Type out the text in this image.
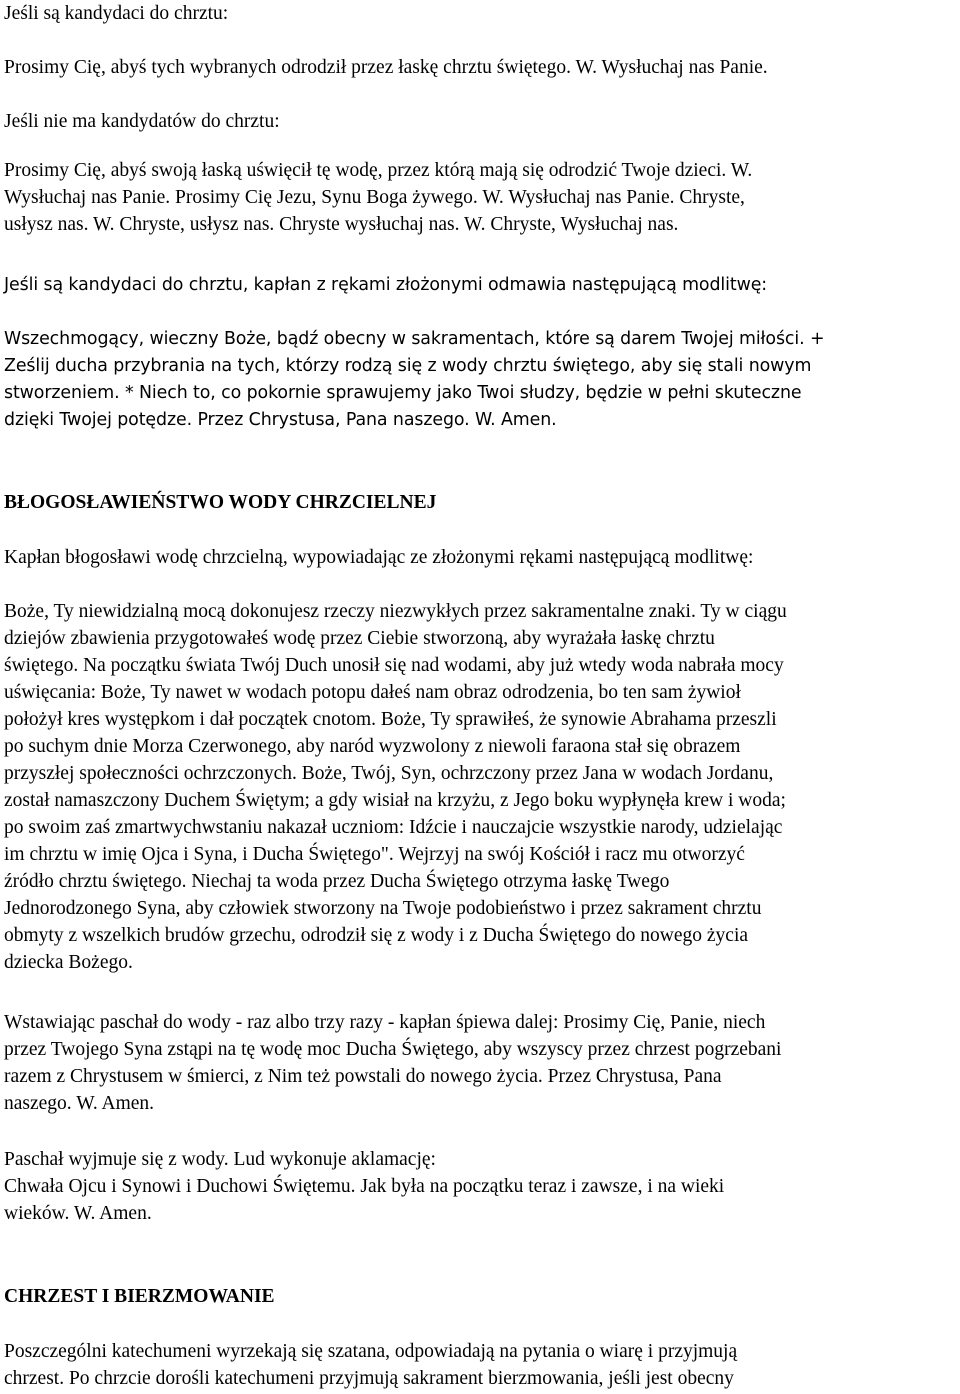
Jeśli są kandydaci do chrztu:

Prosimy Cię, abyś tych wybranych odrodził przez łaskę chrztu świętego. W. Wysłuchaj nas Panie.

Jeśli nie ma kandydatów do chrztu:

Prosimy Cię, abyś swoją łaską uświęcił tę wodę, przez którą mają się odrodzić Twoje dzieci. W.
Wysłuchaj nas Panie. Prosimy Cię Jezu, Synu Boga żywego. W. Wysłuchaj nas Panie. Chryste,
usłysz nas. W. Chryste, usłysz nas. Chryste wysłuchaj nas. W. Chryste, Wysłuchaj nas.

Jeśli są kandydaci do chrztu, kapłan z rękami złożonymi odmawia następującą modlitwę:

Wszechmogący, wieczny Boże, bądź obecny w sakramentach, które są darem Twojej miłości. +
Ześlij ducha przybrania na tych, którzy rodzą się z wody chrztu świętego, aby się stali nowym
stworzeniem. * Niech to, co pokornie sprawujemy jako Twoi słudzy, będzie w pełni skuteczne
dzięki Twojej potędze. Przez Chrystusa, Pana naszego. W. Amen.

BŁOGOSŁAWIEŃSTWO WODY CHRZCIELNEJ

Kapłan błogosławi wodę chrzcielną, wypowiadając ze złożonymi rękami następującą modlitwę:

Boże, Ty niewidzialną mocą dokonujesz rzeczy niezwykłych przez sakramentalne znaki. Ty w ciągu
dziejów zbawienia przygotowałeś wodę przez Ciebie stworzoną, aby wyrażała łaskę chrztu
świętego. Na początku świata Twój Duch unosił się nad wodami, aby już wtedy woda nabrała mocy
uświęcania: Boże, Ty nawet w wodach potopu dałeś nam obraz odrodzenia, bo ten sam żywioł
położył kres występkom i dał początek cnotom. Boże, Ty sprawiłeś, że synowie Abrahama przeszli
po suchym dnie Morza Czerwonego, aby naród wyzwolony z niewoli faraona stał się obrazem
przyszłej społeczności ochrzczonych. Boże, Twój, Syn, ochrzczony przez Jana w wodach Jordanu,
został namaszczony Duchem Świętym; a gdy wisiał na krzyżu, z Jego boku wypłynęła krew i woda;
po swoim zaś zmartwychwstaniu nakazał uczniom: Idźcie i nauczajcie wszystkie narody, udzielając
im chrztu w imię Ojca i Syna, i Ducha Świętego". Wejrzyj na swój Kościół i racz mu otworzyć
źródło chrztu świętego. Niechaj ta woda przez Ducha Świętego otrzyma łaskę Twego
Jednorodzonego Syna, aby człowiek stworzony na Twoje podobieństwo i przez sakrament chrztu
obmyty z wszelkich brudów grzechu, odrodził się z wody i z Ducha Świętego do nowego życia
dziecka Bożego.

Wstawiając paschał do wody - raz albo trzy razy - kapłan śpiewa dalej: Prosimy Cię, Panie, niech
przez Twojego Syna zstąpi na tę wodę moc Ducha Świętego, aby wszyscy przez chrzest pogrzebani
razem z Chrystusem w śmierci, z Nim też powstali do nowego życia. Przez Chrystusa, Pana
naszego. W. Amen.

Paschał wyjmuje się z wody. Lud wykonuje aklamację:
Chwała Ojcu i Synowi i Duchowi Świętemu. Jak była na początku teraz i zawsze, i na wieki
wieków. W. Amen.

CHRZEST I BIERZMOWANIE

Poszczególni katechumeni wyrzekają się szatana, odpowiadają na pytania o wiarę i przyjmują
chrzest. Po chrzcie dorośli katechumeni przyjmują sakrament bierzmowania, jeśli jest obecny
